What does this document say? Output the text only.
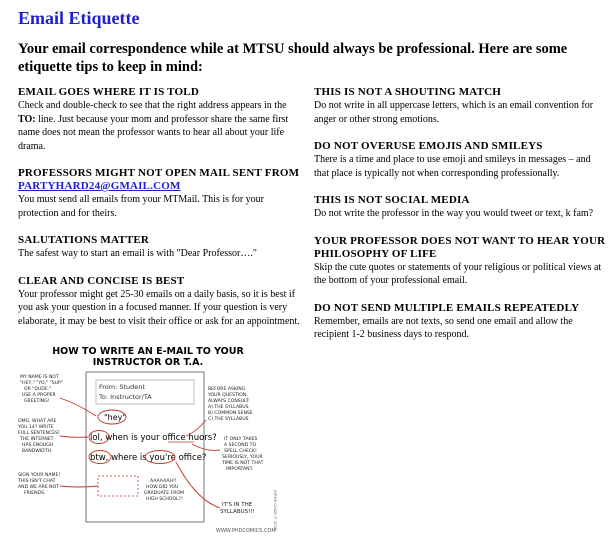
Email Etiquette
Your email correspondence while at MTSU should always be professional. Here are some etiquette tips to keep in mind:
EMAIL GOES WHERE IT IS TOLD

Check and double-check to see that the right address appears in the TO: line. Just because your mom and professor share the same first name does not mean the professor wants to hear all about your life drama.

PROFESSORS MIGHT NOT OPEN MAIL SENT FROM
PARTYHARD24@GMAIL.COM

You must send all emails from your MTMail. This is for your protection and for theirs.

SALUTATIONS MATTER

The safest way to start an email is with "Dear Professor…."

CLEAR AND CONCISE IS BEST

Your professor might get 25-30 emails on a daily basis, so it is best if you ask your question in a focused manner. If your question is very elaborate, it may be best to visit their office or ask for an appointment.

THIS IS NOT A SHOUTING MATCH

Do not write in all uppercase letters, which is an email convention for anger or other strong emotions.

DO NOT OVERUSE EMOJIS AND SMILEYS

There is a time and place to use emoji and smileys in messages – and that place is typically not when corresponding professionally.

THIS IS NOT SOCIAL MEDIA

Do not write the professor in the way you would tweet or text, k fam?

YOUR PROFESSOR DOES NOT WANT TO HEAR YOUR PHILOSOPHY OF LIFE

Skip the cute quotes or statements of your religious or political views at the bottom of your professional email.

DO NOT SEND MULTIPLE EMAILS REPEATEDLY

Remember, emails are not texts, so send one email and allow the recipient 1-2 business days to respond.

HOW TO WRITE AN E-MAIL TO YOUR
INSTRUCTOR OR T.A.
From: Student
To: Instructor/TA
"hey"
lol, when is your office huors?
btw, where is you're office?
MY NAME IS NOT
"HEY," "YO," "SUP"
OR "DUDE."
USE A PROPER
GREETING!
OMG, WHAT ARE
YOU 14? WRITE
FULL SENTENCES!
THE INTERNET
HAS ENOUGH
BANDWIDTH.
SIGN YOUR NAME!
THIS ISN'T CHAT
AND WE ARE NOT
FRIENDS.
BEFORE ASKING
YOUR QUESTION,
ALWAYS CONSULT:
A) THE SYLLABUS
B) COMMON SENSE
C) THE SYLLABUS
IT ONLY TAKES
A SECOND TO
SPELL CHECK!
SERIOUSLY, YOUR
TIME IS NOT THAT
IMPORTANT.
IT'S IN THE
SYLLABUS!!!
AAAAAAH!!
HOW DID YOU
GRADUATE FROM
HIGH SCHOOL?!
WWW.PHDCOMICS.COM
JORGE CHAM © 2015
